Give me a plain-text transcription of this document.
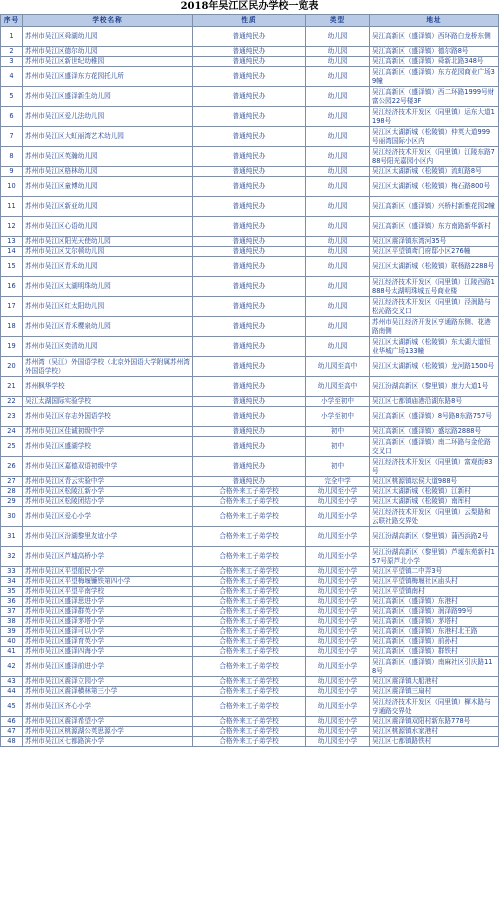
2018年吴江区民办学校一览表
序号	学校名称	性质	类型	地址
1	苏州市吴江区舜湖幼儿园	普通纯民办	幼儿园	吴江高新区（盛泽镇）西环路白龙桥东侧
2	苏州市吴江区德尔幼儿园	普通纯民办	幼儿园	吴江高新区（盛泽镇）德尔路8号
3	苏州市吴江区新世纪幼稚园	普通纯民办	幼儿园	吴江高新区（盛泽镇）舜新北路348号
4	苏州市吴江区盛泽东方花园托儿所	普通纯民办	幼儿园	吴江高新区（盛泽镇）东方花园商业广场39幢
5	苏州市吴江区盛泽新生幼儿园	普通纯民办	幼儿园	吴江高新区（盛泽镇）西二环路1999号财富公园22号楼3F
6	苏州市吴江区爱儿法幼儿园	普通纯民办	幼儿园	吴江经济技术开发区（同里镇）运东大道1198号
7	苏州市吴江区大虹丽湾艺术幼儿园	普通纯民办	幼儿园	吴江区太湖新城（松陵镇）仲英大道999号丽湾国际小区内
8	苏州市吴江区英瀚幼儿园	普通纯民办	幼儿园	吴江经济技术开发区（同里镇）江陵东路788号阳光嘉园小区内
9	苏州市吴江区格林幼儿园	普通纯民办	幼儿园	吴江区太湖新城（松陵镇）流虹路8号
10	苏州市吴江区童博幼儿园	普通纯民办	幼儿园	吴江区太湖新城（松陵镇）梅石路800号
11	苏州市吴江区新亚幼儿园	普通纯民办	幼儿园	吴江高新区（盛泽镇）兴桥村新雅花园2幢
12	苏州市吴江区心语幼儿园	普通纯民办	幼儿园	吴江高新区（盛泽镇）东方南路新华新村
13	苏州市吴江区阳光天使幼儿园	普通纯民办	幼儿园	吴江区震泽镇东湾河35号
14	苏州市吴江区艾尔顿幼儿园	普通纯民办	幼儿园	吴江区平望镇鸢门府邸小区276幢
15	苏州市吴江区青禾幼儿园	普通纯民办	幼儿园	吴江区太湖新城（松陵镇）联杨路2288号
16	苏州市吴江区太湖明珠幼儿园	普通纯民办	幼儿园	吴江经济技术开发区（同里镇）江陵西路1888号太湖明珠城五号商业楼
17	苏州市吴江区红太阳幼儿园	普通纯民办	幼儿园	吴江经济技术开发区（同里镇）泾润路与松沁路交叉口
18	苏州市吴江区青禾樱泉幼儿园	普通纯民办	幼儿园	苏州市吴江经济开发区亨通路东侧、花港路南侧
19	苏州市吴江区奕清幼儿园	普通纯民办	幼儿园	吴江区太湖新城（松陵镇）东太湖大道恒业华城广场133幢
20	苏州湾（吴江）外国语学校（北京外国语大学附属苏州湾外国语学校）	普通纯民办	幼儿园至高中	吴江区太湖新城（松陵镇）龙河路1500号
21	苏州枫华学校	普通纯民办	幼儿园至高中	吴江汾湖高新区（黎里镇）康力大道1号
22	吴江太湖国际实验学校	普通纯民办	小学至初中	吴江区七都镇庙港沿湖东路8号
23	苏州市吴江区存志外国语学校	普通纯民办	小学至初中	吴江高新区（盛泽镇）8号路8东路757号
24	苏州市吴江区佳诚初级中学	普通纯民办	初中	吴江高新区（盛泽镇）盛坛路2888号
25	苏州市吴江区盛湖学校	普通纯民办	初中	吴江高新区（盛泽镇）南二环路与金伦路交叉口
26	苏州市吴江区嘉德双语初级中学	普通纯民办	初中	吴江经济技术开发区（同里镇）富观街83号
27	苏州市吴江区青云实验中学	普通纯民办	完全中学	吴江区桃源镇坛侯大道988号
28	苏州市吴江区松陵江新小学	合格外来工子弟学校	幼儿园至小学	吴江区太湖新城（松陵镇）江新村
29	苏州市吴江区松陵团结小学	合格外来工子弟学校	幼儿园至小学	吴江区太湖新城（松陵镇）南厍村
30	苏州市吴江区爱心小学	合格外来工子弟学校	幼儿园至小学	吴江经济技术开发区（同里镇）云梨路和云联社路交界处
31	苏州市吴江区汾湖黎里友谊小学	合格外来工子弟学校	幼儿园至小学	吴江汾湖高新区（黎里镇）蒲西浜路2号
32	苏州市吴江区芦墟高桥小学	合格外来工子弟学校	幼儿园至小学	吴江汾湖高新区（黎里镇）芦墟东苑新村157号原芦北小学
33	苏州市吴江区平望船民小学	合格外来工子弟学校	幼儿园至小学	吴江区平望镇二中弄3号
34	苏州市吴江区平望梅堰镰铁第四小学	合格外来工子弟学校	幼儿园至小学	吴江区平望镇梅堰社区庙头村
35	苏州市吴江区平望平南学校	合格外来工子弟学校	幼儿园至小学	吴江区平望镇南村
36	苏州市吴江区盛泽思进小学	合格外来工子弟学校	幼儿园至小学	吴江高新区（盛泽镇）东港村
37	苏州市吴江区盛泽群英小学	合格外来工子弟学校	幼儿园至小学	吴江高新区（盛泽镇）润泽路99号
38	苏州市吴江区盛泽茅塔小学	合格外来工子弟学校	幼儿园至小学	吴江高新区（盛泽镇）茅塔村
39	苏州市吴江区盛泽可以小学	合格外来工子弟学校	幼儿园至小学	吴江高新区（盛泽镇）东港村北王路
40	苏州市吴江区盛泽育英小学	合格外来工子弟学校	幼儿园至小学	吴江高新区（盛泽镇）前孙村
41	苏州市吴江区盛泽四海小学	合格外来工子弟学校	幼儿园至小学	吴江高新区（盛泽镇）群铁村
42	苏州市吴江区盛泽前进小学	合格外来工子弟学校	幼儿园至小学	吴江高新区（盛泽镇）南麻社区引庆路118号
43	苏州市吴江区震泽立园小学	合格外来工子弟学校	幼儿园至小学	吴江区震泽镇大船港村
44	苏州市吴江区震泽横林第三小学	合格外来工子弟学校	幼儿园至小学	吴江区震泽镇三扇村
45	苏州市吴江区齐心小学	合格外来工子弟学校	幼儿园至小学	吴江经济技术开发区（同里镇）樨木路与亨通路交界处
46	苏州市吴江区震泽希望小学	合格外来工子弟学校	幼儿园至小学	吴江区震泽镇双阳村新东路778号
47	苏州市吴江区桃源湖公英思源小学	合格外来工子弟学校	幼儿园至小学	吴江区桃源镇水家港村
48	苏州市吴江区七都路滨小学	合格外来工子弟学校	幼儿园至小学	吴江区七都镇路铁村
